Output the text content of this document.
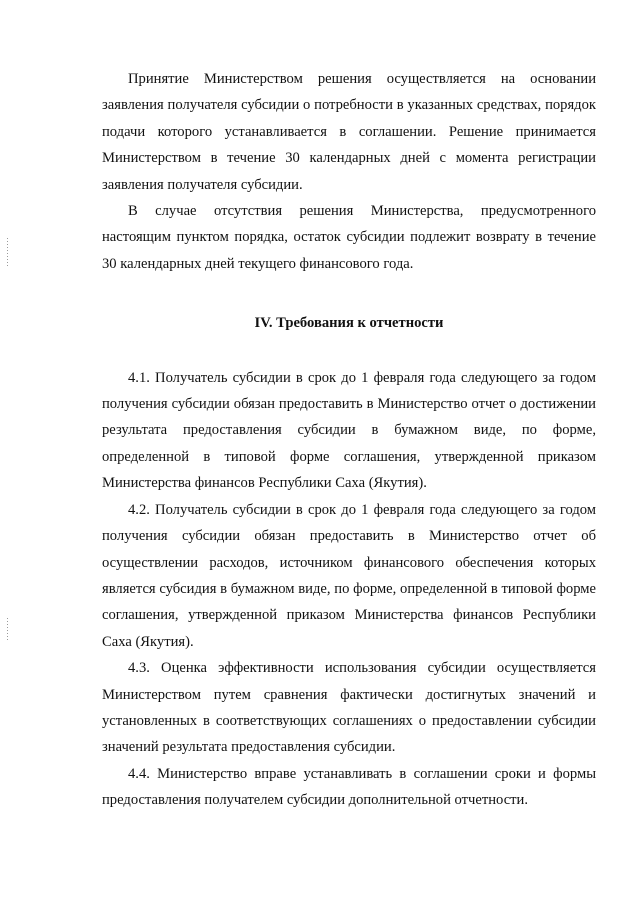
Принятие Министерством решения осуществляется на основании заявления получателя субсидии о потребности в указанных средствах, порядок подачи которого устанавливается в соглашении. Решение принимается Министерством в течение 30 календарных дней с момента регистрации заявления получателя субсидии.

В случае отсутствия решения Министерства, предусмотренного настоящим пунктом порядка, остаток субсидии подлежит возврату в течение 30 календарных дней текущего финансового года.

IV. Требования к отчетности

4.1. Получатель субсидии в срок до 1 февраля года следующего за годом получения субсидии обязан предоставить в Министерство отчет о достижении результата предоставления субсидии в бумажном виде, по форме, определенной в типовой форме соглашения, утвержденной приказом Министерства финансов Республики Саха (Якутия).

4.2. Получатель субсидии в срок до 1 февраля года следующего за годом получения субсидии обязан предоставить в Министерство отчет об осуществлении расходов, источником финансового обеспечения которых является субсидия в бумажном виде, по форме, определенной в типовой форме соглашения, утвержденной приказом Министерства финансов Республики Саха (Якутия).

4.3. Оценка эффективности использования субсидии осуществляется Министерством путем сравнения фактически достигнутых значений и установленных в соответствующих соглашениях о предоставлении субсидии значений результата предоставления субсидии.

4.4. Министерство вправе устанавливать в соглашении сроки и формы предоставления получателем субсидии дополнительной отчетности.
